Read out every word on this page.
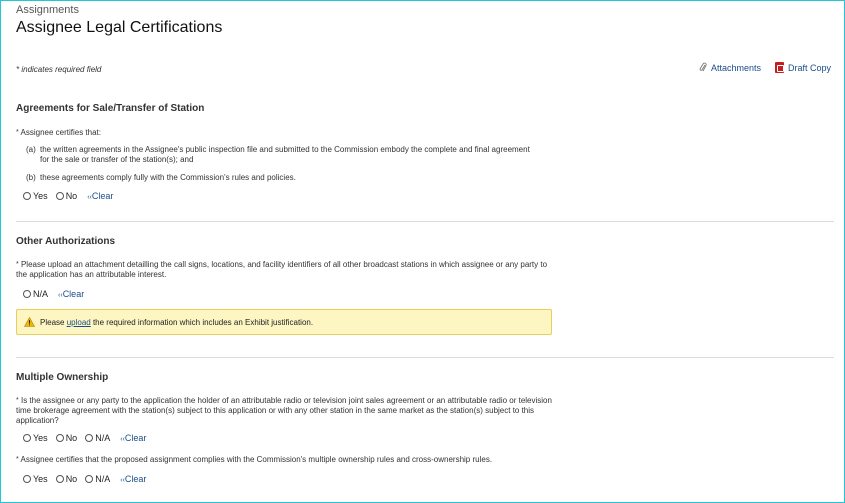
Assignments
Assignee Legal Certifications
* indicates required field	Attachments	Draft Copy
Agreements for Sale/Transfer of Station
* Assignee certifies that:
(a) the written agreements in the Assignee's public inspection file and submitted to the Commission embody the complete and final agreement for the sale or transfer of the station(s); and
(b) these agreements comply fully with the Commission's rules and policies.
Yes No ‹‹Clear
Other Authorizations
* Please upload an attachment detailling the call signs, locations, and facility identifiers of all other broadcast stations in which assignee or any party to the application has an attributable interest.
N/A ‹‹Clear
Please upload the required information which includes an Exhibit justification.
Multiple Ownership
* Is the assignee or any party to the application the holder of an attributable radio or television joint sales agreement or an attributable radio or television time brokerage agreement with the station(s) subject to this application or with any other station in the same market as the station(s) subject to this application?
Yes No N/A ‹‹Clear
* Assignee certifies that the proposed assignment complies with the Commission's multiple ownership rules and cross-ownership rules.
Yes No N/A ‹‹Clear
